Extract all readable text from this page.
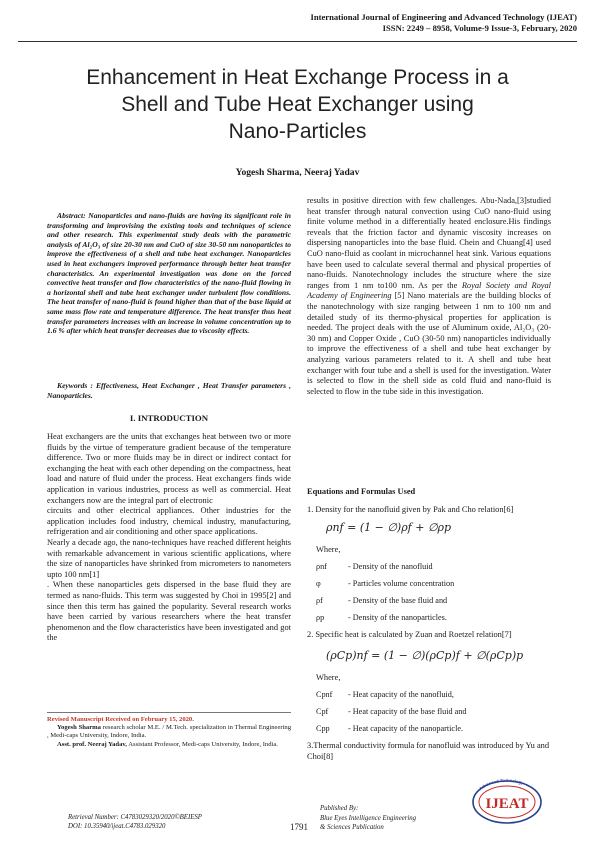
International Journal of Engineering and Advanced Technology (IJEAT)
ISSN: 2249 – 8958, Volume-9 Issue-3, February, 2020
Enhancement in Heat Exchange Process in a
Shell and Tube Heat Exchanger using
Nano-Particles
Yogesh Sharma, Neeraj Yadav
Abstract: Nanoparticles and nano-fluids are having its significant role in transforming and improvising the existing tools and techniques of science and other research. This experimental study deals with the parametric analysis of Al₂O₃ of size 20-30 nm and CuO of size 30-50 nm nanoparticles to improve the effectiveness of a shell and tube heat exchanger. Nanoparticles used in heat exchangers improved performance through better heat transfer characteristics. An experimental investigation was done on the forced convective heat transfer and flow characteristics of the nano-fluid flowing in a horizontal shell and tube heat exchanger under turbulent flow conditions. The heat transfer of nano-fluid is found higher than that of the base liquid at same mass flow rate and temperature difference. The heat transfer thus heat transfer parameters increases with an increase in volume concentration up to 1.6 % after which heat transfer decreases due to viscosity effects.
Keywords : Effectiveness, Heat Exchanger , Heat Transfer parameters , Nanoparticles.
I. INTRODUCTION

Heat exchangers are the units that exchanges heat between two or more fluids by the virtue of temperature gradient because of the temperature difference. Two or more fluids may be in direct or indirect contact for exchanging the heat with each other depending on the compactness, heat load and nature of fluid under the process. Heat exchangers finds wide application in various industries, process as well as commercial. Heat exchangers now are the integral part of electronic

circuits and other electrical appliances. Other industries for the application includes food industry, chemical industry, manufacturing, refrigeration and air conditioning and other space applications.

Nearly a decade ago, the nano-techniques have reached different heights with remarkable advancement in various scientific applications, where the size of nanoparticles have shrinked from micrometers to nanometers upto 100 nm[1]

. When these nanoparticles gets dispersed in the base fluid they are termed as nano-fluids. This term was suggested by Choi in 1995[2] and since then this term has gained the popularity. Several research works have been carried by various researchers where the heat transfer phenomenon and the flow characteristics have been investigated and got the

Revised Manuscript Received on February 15, 2020.
Yogesh Sharma research scholar M.E. / M.Tech. specialization in Thermal Engineering , Medi-caps University, Indore, India.
Asst. prof. Neeraj Yadav, Assistant Professor, Medi-caps University, Indore, India.

results in positive direction with few challenges. Abu-Nada,[3]studied heat transfer through natural convection using CuO nano-fluid using finite volume method in a differentially heated enclosure.His findings reveals that the friction factor and dynamic viscosity increases on dispersing nanoparticles into the base fluid. Chein and Chuang[4] used CuO nano-fluid as coolant in microchannel heat sink. Various equations have been used to calculate several thermal and physical properties of nano-fluids. Nanotechnology includes the structure where the size ranges from 1 nm to100 nm. As per the Royal Society and Royal Academy of Engineering [5] Nano materials are the building blocks of the nanotechnology with size ranging between 1 nm to 100 nm and detailed study of its thermo-physical properties for application is needed. The project deals with the use of Aluminum oxide, Al₂O₃ (20-30 nm) and Copper Oxide , CuO (30-50 nm) nanoparticles individually to improve the effectiveness of a shell and tube heat exchanger by analyzing various parameters related to it. A shell and tube heat exchanger with four tube and a shell is used for the investigation. Water is selected to flow in the shell side as cold fluid and nano-fluid is selected to flow in the tube side in this investigation.

Equations and Formulas Used
1. Density for the nanofluid given by Pak and Cho relation[6]
ρnf = (1 − ∅)ρf + ∅ρp
Where,
ρnf	- Density of the nanofluid
φ	- Particles volume concentration
ρf	- Density of the base fluid and
ρp	- Density of the nanoparticles.
2. Specific heat is calculated by Zuan and Roetzel relation[7]
(ρCp)nf = (1 − ∅)(ρCp)f + ∅(ρCp)p
Where,
Cpnf - Heat capacity of the nanofluid,
Cpf - Heat capacity of the base fluid and
Cpp - Heat capacity of the nanoparticle.
3.Thermal conductivity formula for nanofluid was introduced by Yu and Choi[8]
Retrieval Number: C4783029320/2020©BEIESP
DOI: 10.35940/ijeat.C4783.029320	1791
Published By:
Blue Eyes Intelligence Engineering
& Sciences Publication
Advanced Technology
IJEAT
